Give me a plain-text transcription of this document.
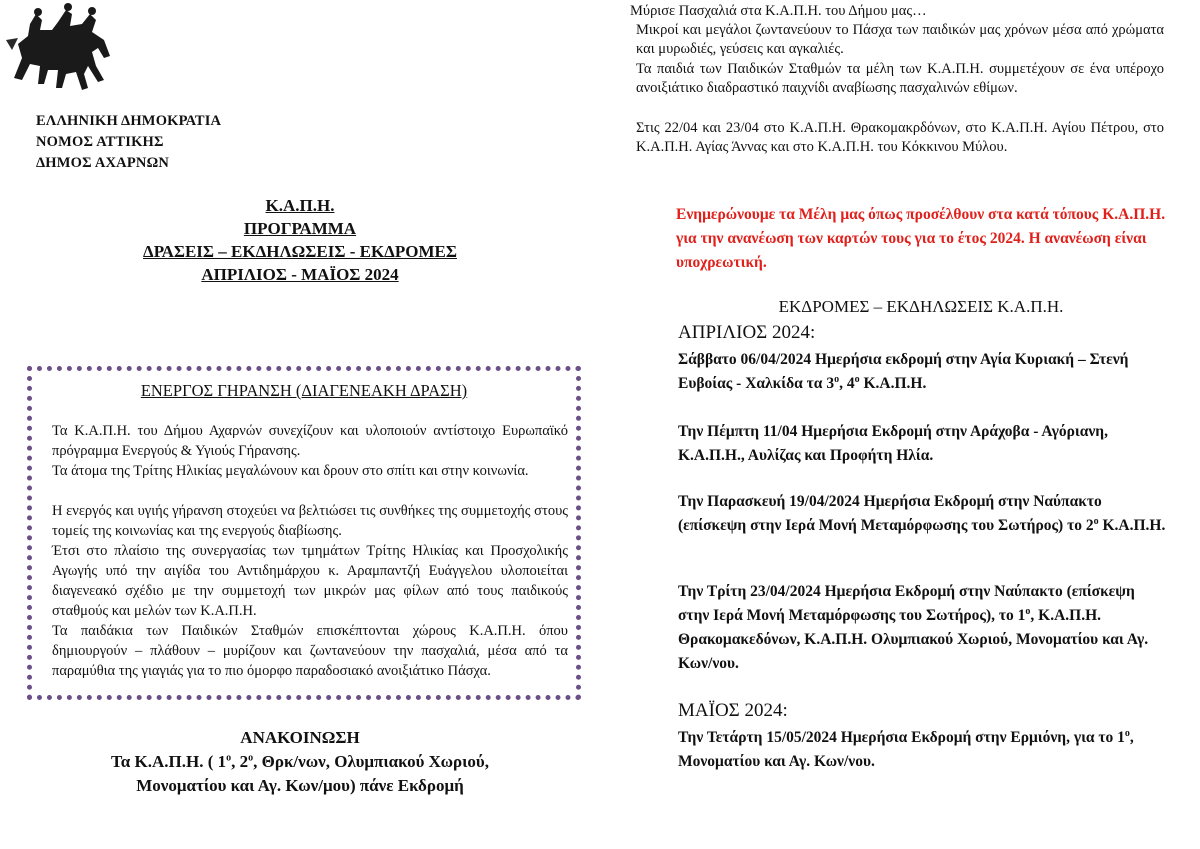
ΕΛΛΗΝΙΚΗ ΔΗΜΟΚΡΑΤΙΑ
ΝΟΜΟΣ ΑΤΤΙΚΗΣ
ΔΗΜΟΣ ΑΧΑΡΝΩΝ
Κ.Α.Π.Η.
ΠΡΟΓΡΑΜΜΑ
ΔΡΑΣΕΙΣ – ΕΚΔΗΛΩΣΕΙΣ - ΕΚΔΡΟΜΕΣ
ΑΠΡΙΛΙΟΣ - ΜΑΪΟΣ 2024
ΕΝΕΡΓΟΣ ΓΗΡΑΝΣΗ (ΔΙΑΓΕΝΕΑΚΗ ΔΡΑΣΗ)
Τα Κ.Α.Π.Η. του Δήμου Αχαρνών συνεχίζουν και υλοποιούν αντίστοιχο Ευρωπαϊκό πρόγραμμα Ενεργούς & Υγιούς Γήρανσης.
Τα άτομα της Τρίτης Ηλικίας μεγαλώνουν και δρουν στο σπίτι και στην κοινωνία.
Η ενεργός και υγιής γήρανση στοχεύει να βελτιώσει τις συνθήκες της συμμετοχής στους τομείς της κοινωνίας και της ενεργούς διαβίωσης.
Έτσι στο πλαίσιο της συνεργασίας των τμημάτων Τρίτης Ηλικίας και Προσχολικής Αγωγής υπό την αιγίδα του Αντιδημάρχου κ. Αραμπαντζή Ευάγγελου υλοποιείται διαγενεακό σχέδιο με την συμμετοχή των μικρών μας φίλων από τους παιδικούς σταθμούς και μελών των Κ.Α.Π.Η.
Τα παιδάκια των Παιδικών Σταθμών επισκέπτονται χώρους Κ.Α.Π.Η. όπου δημιουργούν – πλάθουν – μυρίζουν και ζωντανεύουν την πασχαλιά, μέσα από τα παραμύθια της γιαγιάς για το πιο όμορφο παραδοσιακό ανοιξιάτικο Πάσχα.
ΑΝΑΚΟΙΝΩΣΗ
Τα Κ.Α.Π.Η. ( $1^o$, $2^o$, Θρκ/νων, Ολυμπιακού Χωριού,
Μονοματίου και Αγ. Κων/μου) πάνε Εκδρομή
Μύρισε Πασχαλιά στα Κ.Α.Π.Η. του Δήμου μας…
Μικροί και μεγάλοι ζωντανεύουν το Πάσχα των παιδικών μας χρόνων μέσα από χρώματα και μυρωδιές, γεύσεις και αγκαλιές.
Τα παιδιά των Παιδικών Σταθμών τα μέλη των Κ.Α.Π.Η. συμμετέχουν σε ένα υπέροχο ανοιξιάτικο διαδραστικό παιχνίδι αναβίωσης πασχαλινών εθίμων.
Στις 22/04 και 23/04 στο Κ.Α.Π.Η. Θρακομακρδόνων, στο Κ.Α.Π.Η. Αγίου Πέτρου, στο Κ.Α.Π.Η. Αγίας Άννας και στο Κ.Α.Π.Η. του Κόκκινου Μύλου.
Ενημερώνουμε τα Μέλη μας όπως προσέλθουν στα κατά τόπους Κ.Α.Π.Η. για την ανανέωση των καρτών τους για το έτος 2024. Η ανανέωση είναι υποχρεωτική.
ΕΚΔΡΟΜΕΣ – ΕΚΔΗΛΩΣΕΙΣ Κ.Α.Π.Η.
ΑΠΡΙΛΙΟΣ 2024:
Σάββατο 06/04/2024 Ημερήσια εκδρομή στην Αγία Κυριακή – Στενή Ευβοίας - Χαλκίδα τα $3^o$, $4^o$ Κ.Α.Π.Η.
Την Πέμπτη 11/04 Ημερήσια Εκδρομή στην Αράχοβα - Αγόριανη, Κ.Α.Π.Η., Αυλίζας και Προφήτη Ηλία.
Την Παρασκευή 19/04/2024 Ημερήσια Εκδρομή στην Ναύπακτο (επίσκεψη στην Ιερά Μονή Μεταμόρφωσης του Σωτήρος) το $2^o$ Κ.Α.Π.Η.
Την Τρίτη 23/04/2024 Ημερήσια Εκδρομή στην Ναύπακτο (επίσκεψη στην Ιερά Μονή Μεταμόρφωσης του Σωτήρος), το $1^o$, Κ.Α.Π.Η. Θρακομακεδόνων, Κ.Α.Π.Η. Ολυμπιακού Χωριού, Μονοματίου και Αγ. Κων/νου.
ΜΑΪΟΣ 2024:
Την Τετάρτη 15/05/2024 Ημερήσια Εκδρομή στην Ερμιόνη, για το $1^o$, Μονοματίου και Αγ. Κων/νου.
